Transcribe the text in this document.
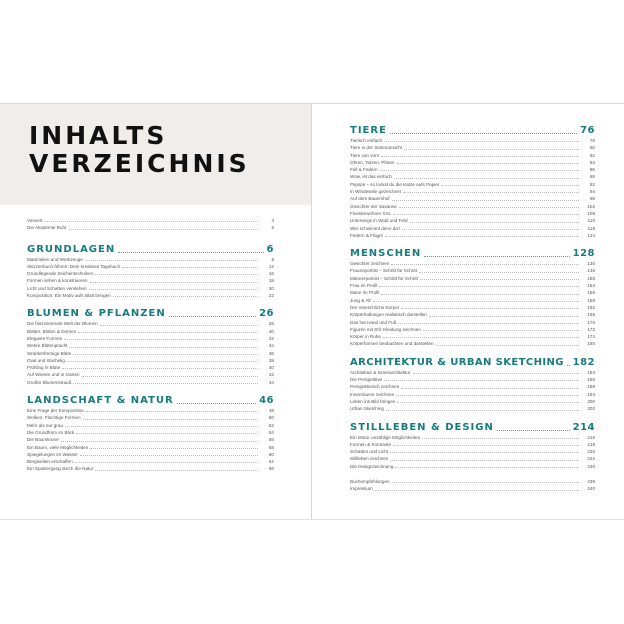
INHALTS
VERZEICHNIS
Vorwort	4
Die Akademie Ruhr	5
GRUNDLAGEN	6
Materialien und Werkzeuge	8
Skizzenbuch führen: Dein kreatives Tagebuch	12
Grundlegende Zeichentechniken	16
Formen sehen & konstruieren	18
Licht und Schatten verstehen	20
Komposition: Ein Motiv aufs Blatt bringen	22
BLUMEN & PFLANZEN	26
Die faszinierende Welt der Blumen	28
Blätter, Blüten & Dornen	30
Elegante Formen	32
Wahre Blütenpracht	34
Strahlenförmige Blüte	36
Oval und stachelig	38
Frühling in Blüte	40
Auf Wiesen und in Gärten	42
Großer Blumenstrauß	44
LANDSCHAFT & NATUR	46
Eine Frage der Komposition	48
Wolken: Flüchtige Formen	50
Mehr als nur grau	52
Die Grundform im Blick	54
Die Baumkrone	56
Ein Baum, viele Möglichkeiten	58
Spiegelungen im Wasser	60
Bergwelten erschaffen	62
Ein Spaziergang durch die Natur	66
TIERE	76
Tierisch einfach	78
Tiere in der Seitenansicht	80
Tiere von vorn	82
Ohren, Tatzen, Pfoten	84
Fell & Federn	86
Wow, ist das einfach	88
Pspsps – so lockst du die Katze aufs Papier	92
In Windeseile gezeichnet	94
Auf dem Bauernhof	98
Gesichter der Savanne	102
Flussbewohner XXL	108
Unterwegs in Wald und Feld	110
Wer schwimmt denn da?	118
Federn & Flügel	124
MENSCHEN	128
Gesichter zeichnen	130
Frauenporträt – Schritt für Schritt	146
Männerporträt – Schritt für Schritt	150
Frau im Profil	154
Mann im Profil	156
Jung & Alt	158
Der menschliche Körper	162
Körperhaltungen realistisch darstellen	166
Das hat Hand und Fuß	170
Figuren mit Stil: Kleidung zeichnen	172
Körper in Ruhe	174
Körperformen beobachten und darstellen	180
ARCHITEKTUR & URBAN SKETCHING 182
Architektur & Innenarchitektur	184
Die Perspektive	186
Perspektivisch zeichnen	188
Innenräume zeichnen	194
Leben ins Bild bringen	200
Urban Sketching	202
STILLLEBEN & DESIGN	214
Ein Motiv, unzählige Möglichkeiten	216
Formen & Kontraste	218
Schatten und Licht	220
Stillleben zeichnen	222
Die Designzeichnung	230
Buchempfehlungen	238
Impressum	240
